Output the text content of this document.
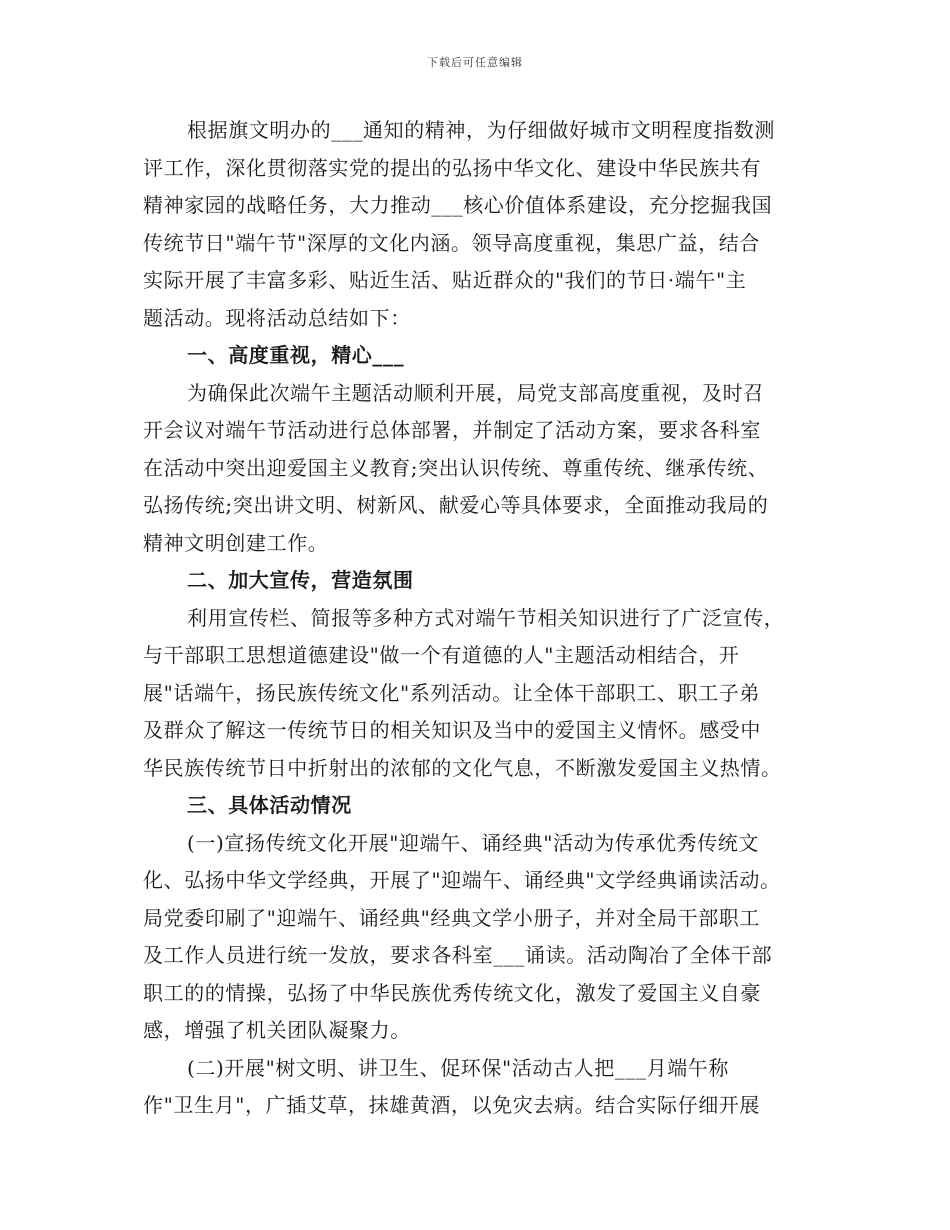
下载后可任意编辑
根据旗文明办的___通知的精神，为仔细做好城市文明程度指数测
评工作，深化贯彻落实党的提出的弘扬中华文化、建设中华民族共有
精神家园的战略任务，大力推动___核心价值体系建设，充分挖掘我国
传统节日"端午节"深厚的文化内涵。领导高度重视，集思广益，结合
实际开展了丰富多彩、贴近生活、贴近群众的"我们的节日·端午"主
题活动。现将活动总结如下：
一、高度重视，精心___
为确保此次端午主题活动顺利开展，局党支部高度重视，及时召
开会议对端午节活动进行总体部署，并制定了活动方案，要求各科室
在活动中突出迎爱国主义教育;突出认识传统、尊重传统、继承传统、
弘扬传统;突出讲文明、树新风、献爱心等具体要求，全面推动我局的
精神文明创建工作。
二、加大宣传，营造氛围
利用宣传栏、简报等多种方式对端午节相关知识进行了广泛宣传，
与干部职工思想道德建设"做一个有道德的人"主题活动相结合，开
展"话端午，扬民族传统文化"系列活动。让全体干部职工、职工子弟
及群众了解这一传统节日的相关知识及当中的爱国主义情怀。感受中
华民族传统节日中折射出的浓郁的文化气息，不断激发爱国主义热情。
三、具体活动情况
(一)宣扬传统文化开展"迎端午、诵经典"活动为传承优秀传统文
化、弘扬中华文学经典，开展了"迎端午、诵经典"文学经典诵读活动。
局党委印刷了"迎端午、诵经典"经典文学小册子，并对全局干部职工
及工作人员进行统一发放，要求各科室___诵读。活动陶冶了全体干部
职工的的情操，弘扬了中华民族优秀传统文化，激发了爱国主义自豪
感，增强了机关团队凝聚力。
(二)开展"树文明、讲卫生、促环保"活动古人把___月端午称
作"卫生月"，广插艾草，抹雄黄酒，以免灾去病。结合实际仔细开展
